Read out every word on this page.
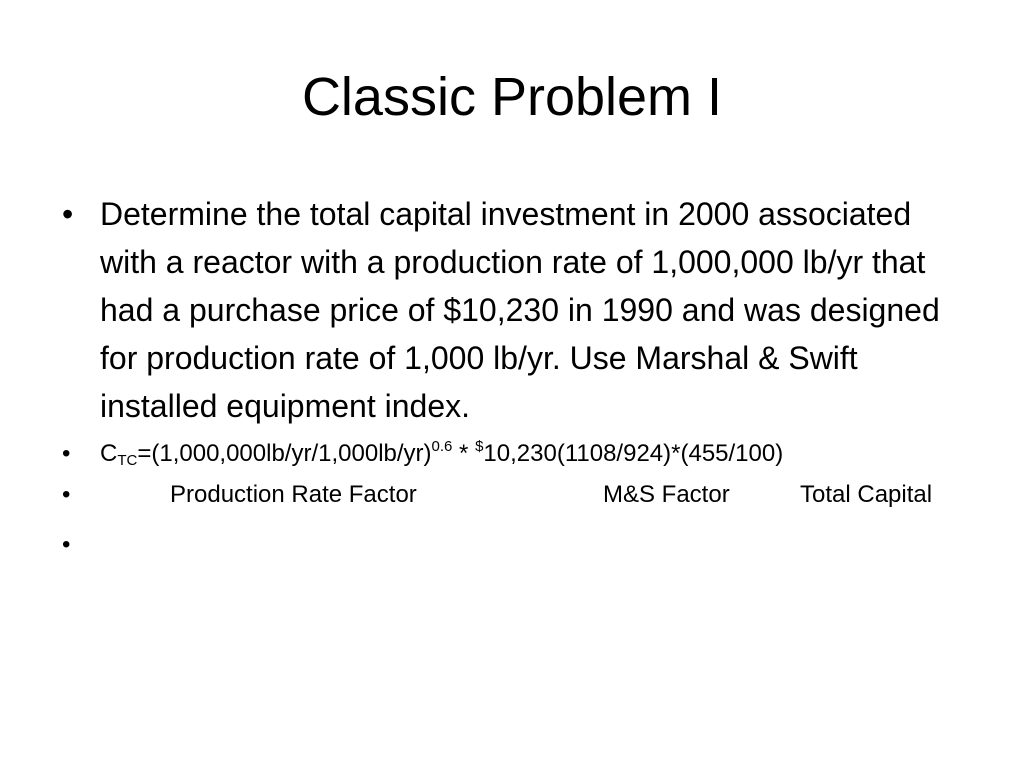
Classic Problem I
• Determine the total capital investment in 2000 associated with a reactor with a production rate of 1,000,000 lb/yr that had a purchase price of $10,230 in 1990 and was designed for production rate of 1,000 lb/yr. Use Marshal & Swift installed equipment index.
• $C_{TC}=(1,000,000lb/yr/1,000lb/yr)^{0.6} * ^{\$}10,230(1108/924)*(455/100)$
•	Production Rate Factor	M&S Factor	Total Capital
•
